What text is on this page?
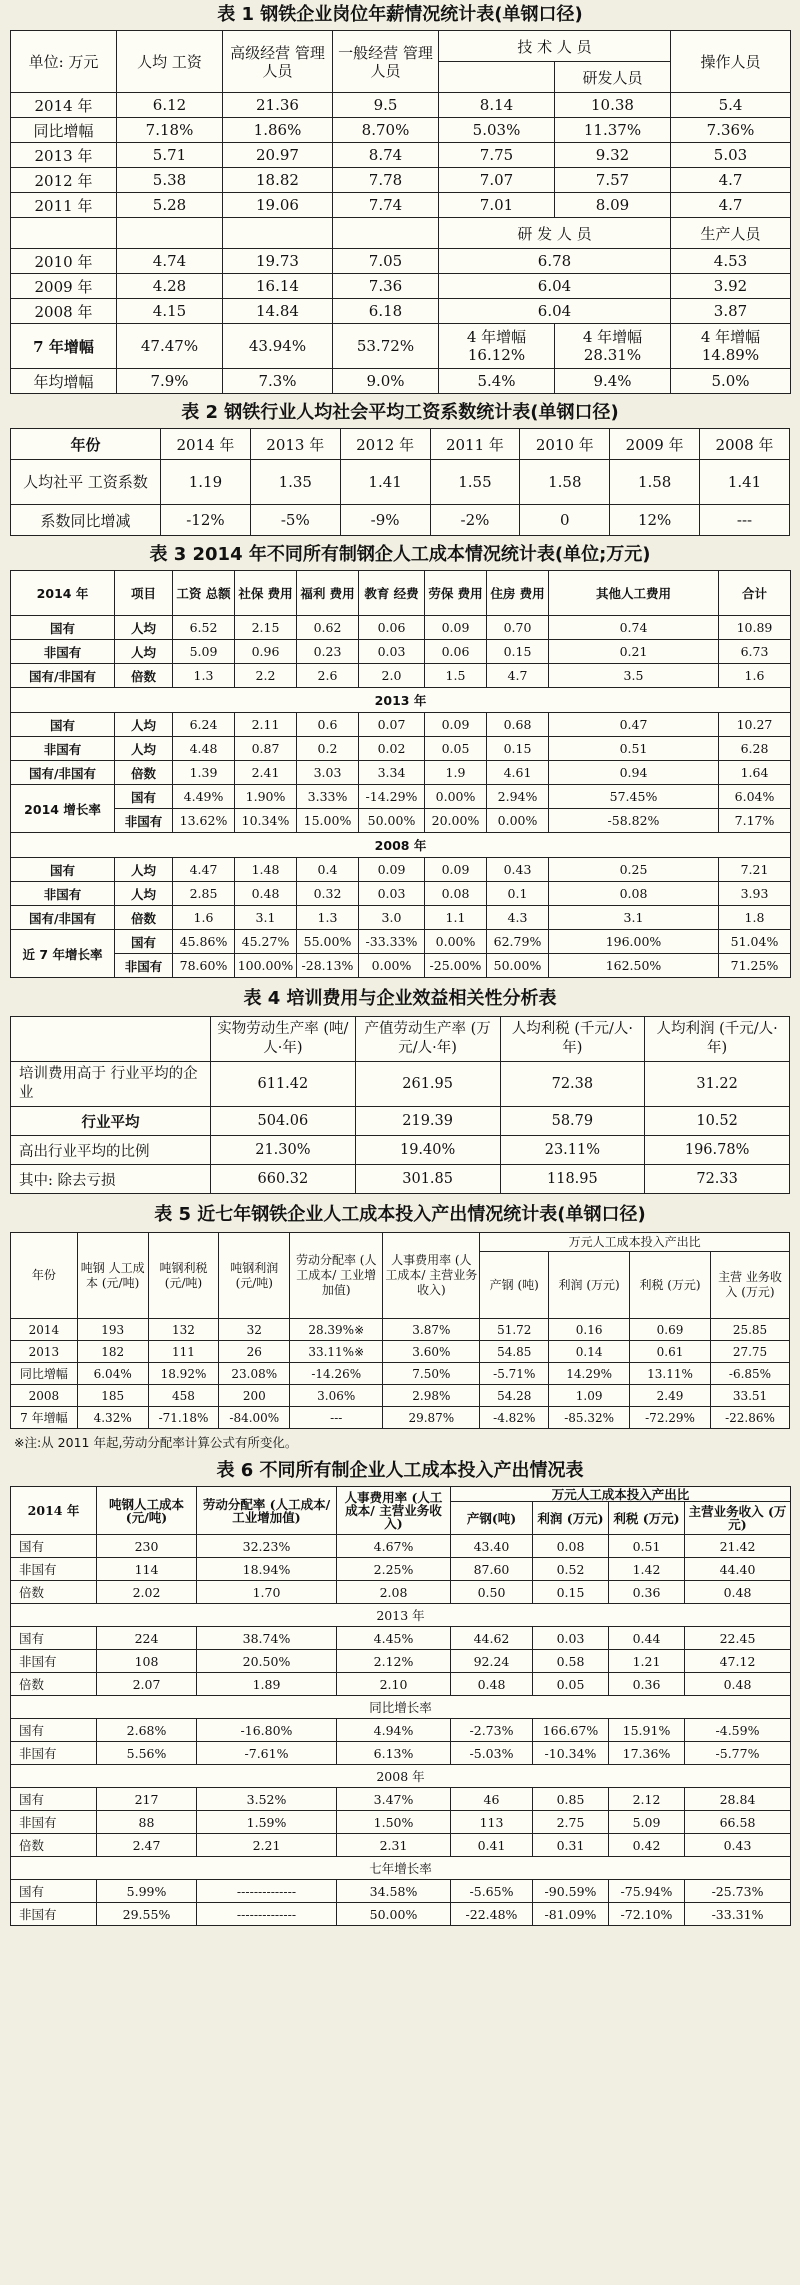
表 1 钢铁企业岗位年薪情况统计表(单钢口径)
单位: 万元	人均 工资	高级经营 管理人员	一般经营 管理人员	技 术 人 员		操作人员
					研发人员	
2014 年	6.12	21.36	9.5	8.14	10.38	5.4
同比增幅	7.18%	1.86%	8.70%	5.03%	11.37%	7.36%
2013 年	5.71	20.97	8.74	7.75	9.32	5.03
2012 年	5.38	18.82	7.78	7.07	7.57	4.7
2011 年	5.28	19.06	7.74	7.01	8.09	4.7
				研 发 人 员		生产人员
2010 年	4.74	19.73	7.05	6.78		4.53
2009 年	4.28	16.14	7.36	6.04		3.92
2008 年	4.15	14.84	6.18	6.04		3.87
7 年增幅	47.47%	43.94%	53.72%	4 年增幅 16.12%	4 年增幅 28.31%	4 年增幅 14.89%
年均增幅	7.9%	7.3%	9.0%	5.4%	9.4%	5.0%
表 2 钢铁行业人均社会平均工资系数统计表(单钢口径)
年份	2014 年	2013 年	2012 年	2011 年	2010 年	2009 年	2008 年
人均社平 工资系数	1.19	1.35	1.41	1.55	1.58	1.58	1.41
系数同比增减	-12%	-5%	-9%	-2%	0	12%	---
表 3 2014 年不同所有制钢企人工成本情况统计表(单位;万元)
2014 年	项目	工资 总额	社保 费用	福利 费用	教育 经费	劳保 费用	住房 费用	其他人工费用	合计
国有	人均	6.52	2.15	0.62	0.06	0.09	0.70	0.74	10.89
非国有	人均	5.09	0.96	0.23	0.03	0.06	0.15	0.21	6.73
国有/非国有	倍数	1.3	2.2	2.6	2.0	1.5	4.7	3.5	1.6
2013 年									
国有	人均	6.24	2.11	0.6	0.07	0.09	0.68	0.47	10.27
非国有	人均	4.48	0.87	0.2	0.02	0.05	0.15	0.51	6.28
国有/非国有	倍数	1.39	2.41	3.03	3.34	1.9	4.61	0.94	1.64
2014 增长率	国有	4.49%	1.90%	3.33%	-14.29%	0.00%	2.94%	57.45%	6.04%
	非国有	13.62%	10.34%	15.00%	50.00%	20.00%	0.00%	-58.82%	7.17%
2008 年									
国有	人均	4.47	1.48	0.4	0.09	0.09	0.43	0.25	7.21
非国有	人均	2.85	0.48	0.32	0.03	0.08	0.1	0.08	3.93
国有/非国有	倍数	1.6	3.1	1.3	3.0	1.1	4.3	3.1	1.8
近 7 年增长率	国有	45.86%	45.27%	55.00%	-33.33%	0.00%	62.79%	196.00%	51.04%
	非国有	78.60%	100.00%	-28.13%	0.00%	-25.00%	50.00%	162.50%	71.25%
表 4 培训费用与企业效益相关性分析表
	实物劳动生产率 (吨/人·年)	产值劳动生产率 (万元/人·年)	人均利税 (千元/人·年)	人均利润 (千元/人·年)
培训费用高于 行业平均的企业	611.42	261.95	72.38	31.22
行业平均	504.06	219.39	58.79	10.52
高出行业平均的比例	21.30%	19.40%	23.11%	196.78%
其中: 除去亏损	660.32	301.85	118.95	72.33
表 5 近七年钢铁企业人工成本投入产出情况统计表(单钢口径)
年份	吨钢 人工成本 (元/吨)	吨钢利税 (元/吨)	吨钢利润 (元/吨)	劳动分配率 (人工成本/ 工业增加值)	人事费用率 (人工成本/ 主营业务收入)	万元人工成本投入产出比			
						产钢 (吨)	利润 (万元)	利税 (万元)	主营 业务收入 (万元)
2014	193	132	32	28.39%※	3.87%	51.72	0.16	0.69	25.85
2013	182	111	26	33.11%※	3.60%	54.85	0.14	0.61	27.75
同比增幅	6.04%	18.92%	23.08%	-14.26%	7.50%	-5.71%	14.29%	13.11%	-6.85%
2008	185	458	200	3.06%	2.98%	54.28	1.09	2.49	33.51
7 年增幅	4.32%	-71.18%	-84.00%	---	29.87%	-4.82%	-85.32%	-72.29%	-22.86%
※注:从 2011 年起,劳动分配率计算公式有所变化。
表 6 不同所有制企业人工成本投入产出情况表
2014 年	吨钢人工成本 (元/吨)	劳动分配率 (人工成本/ 工业增加值)	人事费用率 (人工成本/ 主营业务收入)	万元人工成本投入产出比			
				产钢(吨)	利润 (万元)	利税 (万元)	主营业务收入 (万元)
国有	230	32.23%	4.67%	43.40	0.08	0.51	21.42
非国有	114	18.94%	2.25%	87.60	0.52	1.42	44.40
倍数	2.02	1.70	2.08	0.50	0.15	0.36	0.48
2013 年							
国有	224	38.74%	4.45%	44.62	0.03	0.44	22.45
非国有	108	20.50%	2.12%	92.24	0.58	1.21	47.12
倍数	2.07	1.89	2.10	0.48	0.05	0.36	0.48
同比增长率							
国有	2.68%	-16.80%	4.94%	-2.73%	166.67%	15.91%	-4.59%
非国有	5.56%	-7.61%	6.13%	-5.03%	-10.34%	17.36%	-5.77%
2008 年							
国有	217	3.52%	3.47%	46	0.85	2.12	28.84
非国有	88	1.59%	1.50%	113	2.75	5.09	66.58
倍数	2.47	2.21	2.31	0.41	0.31	0.42	0.43
七年增长率							
国有	5.99%	--------------	34.58%	-5.65%	-90.59%	-75.94%	-25.73%
非国有	29.55%	--------------	50.00%	-22.48%	-81.09%	-72.10%	-33.31%
